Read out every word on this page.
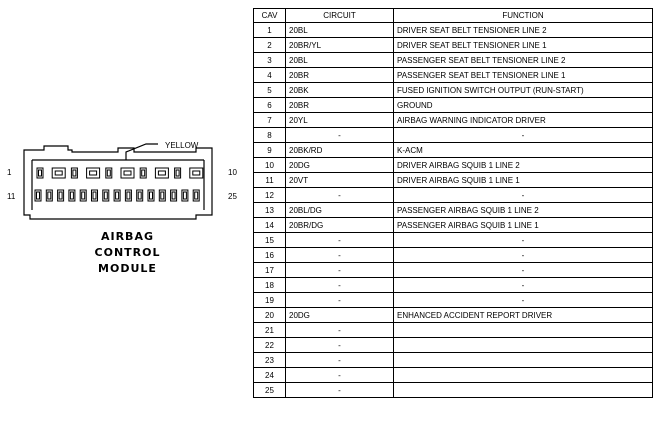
YELLOW
1	10
11	25
AIRBAG
CONTROL
MODULE
CAV	CIRCUIT	FUNCTION
1	20BL	DRIVER SEAT BELT TENSIONER LINE 2
2	20BR/YL	DRIVER SEAT BELT TENSIONER LINE 1
3	20BL	PASSENGER SEAT BELT TENSIONER LINE 2
4	20BR	PASSENGER SEAT BELT TENSIONER LINE 1
5	20BK	FUSED IGNITION SWITCH OUTPUT (RUN-START)
6	20BR	GROUND
7	20YL	AIRBAG WARNING INDICATOR DRIVER
8	-	-
9	20BK/RD	K-ACM
10	20DG	DRIVER AIRBAG SQUIB 1 LINE 2
11	20VT	DRIVER AIRBAG SQUIB 1 LINE 1
12	-	-
13	20BL/DG	PASSENGER AIRBAG SQUIB 1 LINE 2
14	20BR/DG	PASSENGER AIRBAG SQUIB 1 LINE 1
15	-	-
16	-	-
17	-	-
18	-	-
19	-	-
20	20DG	ENHANCED ACCIDENT REPORT DRIVER
21	-	
22	-	
23	-	
24	-	
25	-	
